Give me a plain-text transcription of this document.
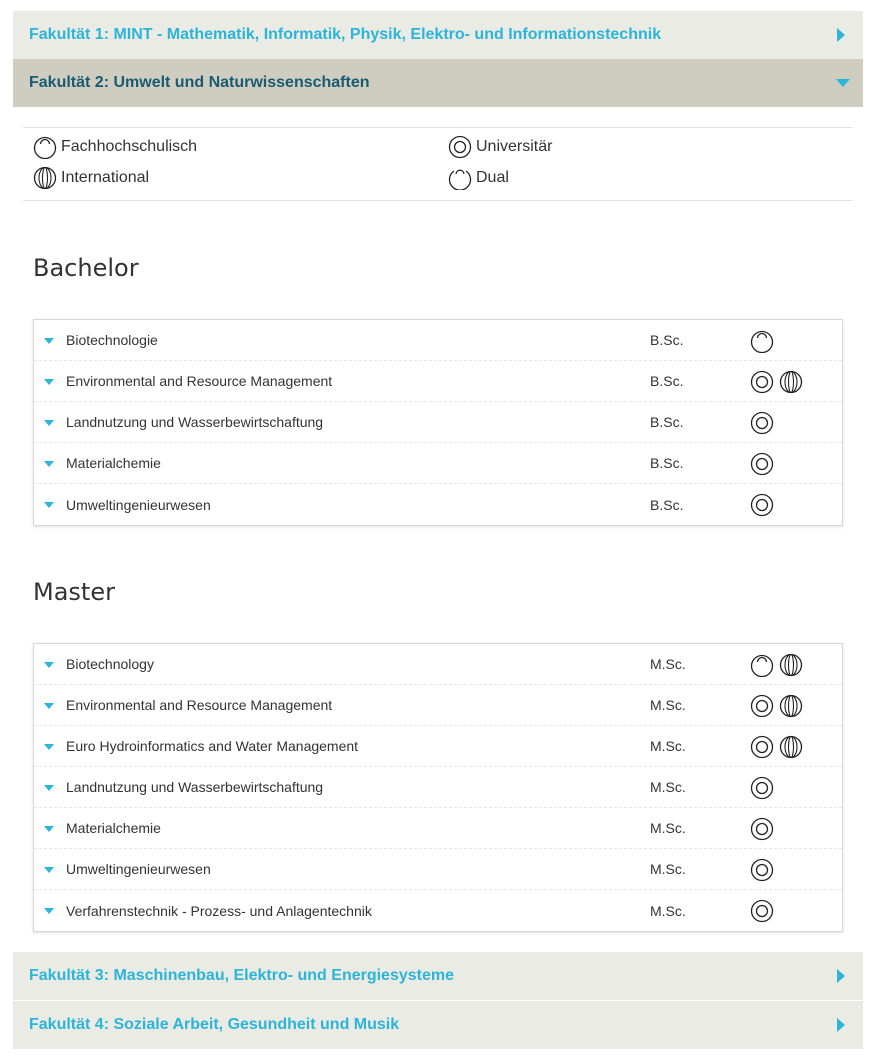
Fakultät 1: MINT - Mathematik, Informatik, Physik, Elektro- und Informationstechnik
Fakultät 2: Umwelt und Naturwissenschaften
Fachhochschulisch	Universitär
International	Dual
Bachelor
Biotechnologie	B.Sc.
Environmental and Resource Management	B.Sc.
Landnutzung und Wasserbewirtschaftung	B.Sc.
Materialchemie	B.Sc.
Umweltingenieurwesen	B.Sc.
Master
Biotechnology	M.Sc.
Environmental and Resource Management	M.Sc.
Euro Hydroinformatics and Water Management	M.Sc.
Landnutzung und Wasserbewirtschaftung	M.Sc.
Materialchemie	M.Sc.
Umweltingenieurwesen	M.Sc.
Verfahrenstechnik - Prozess- und Anlagentechnik	M.Sc.
Fakultät 3: Maschinenbau, Elektro- und Energiesysteme
Fakultät 4: Soziale Arbeit, Gesundheit und Musik
